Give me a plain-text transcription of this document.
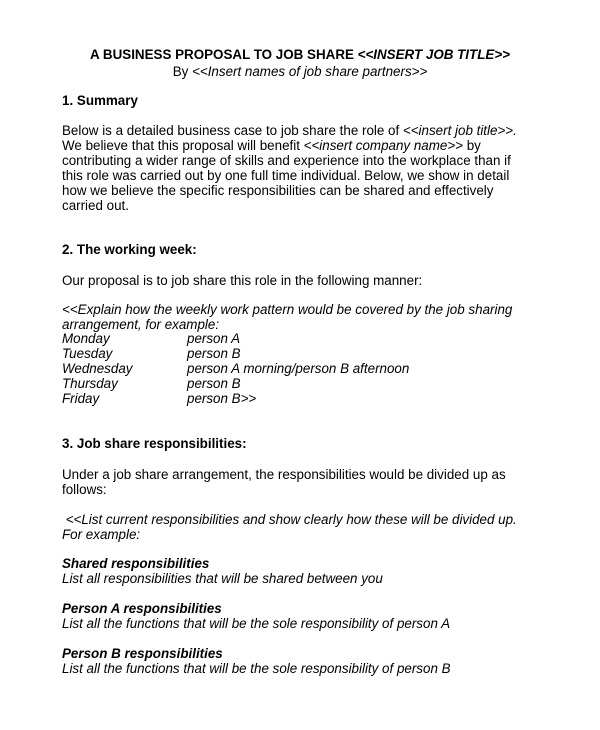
A BUSINESS PROPOSAL TO JOB SHARE <<INSERT JOB TITLE>>
By <<Insert names of job share partners>>
1. Summary
Below is a detailed business case to job share the role of <<insert job title>>.
We believe that this proposal will benefit <<insert company name>> by
contributing a wider range of skills and experience into the workplace than if
this role was carried out by one full time individual. Below, we show in detail
how we believe the specific responsibilities can be shared and effectively
carried out.
2. The working week:
Our proposal is to job share this role in the following manner:
<<Explain how the weekly work pattern would be covered by the job sharing
arrangement, for example:
Monday	person A
Tuesday	person B
Wednesday	person A morning/person B afternoon
Thursday	person B
Friday	person B>>
3. Job share responsibilities:
Under a job share arrangement, the responsibilities would be divided up as
follows:
<<List current responsibilities and show clearly how these will be divided up.
For example:
Shared responsibilities
List all responsibilities that will be shared between you
Person A responsibilities
List all the functions that will be the sole responsibility of person A
Person B responsibilities
List all the functions that will be the sole responsibility of person B
